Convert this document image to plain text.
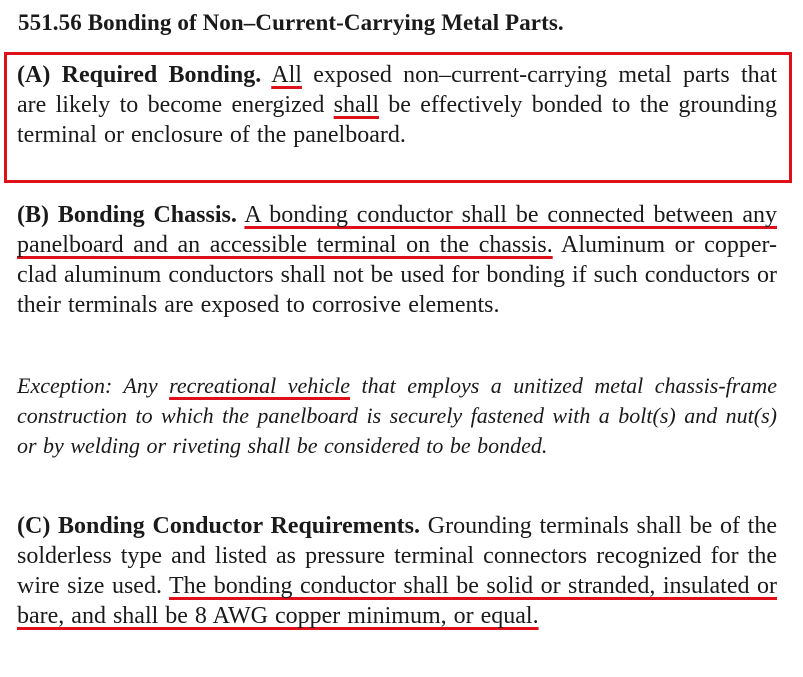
551.56 Bonding of Non–Current-Carrying Metal Parts.
(A) Required Bonding. All exposed non–current-carrying metal parts that are likely to become energized shall be effectively bonded to the grounding terminal or enclosure of the panelboard.
(B) Bonding Chassis. A bonding conductor shall be connected between any panelboard and an accessible terminal on the chassis. Aluminum or copper-clad aluminum conductors shall not be used for bonding if such conductors or their terminals are exposed to corrosive elements.
Exception: Any recreational vehicle that employs a unitized metal chassis-frame construction to which the panelboard is securely fastened with a bolt(s) and nut(s) or by welding or riveting shall be considered to be bonded.
(C) Bonding Conductor Requirements. Grounding terminals shall be of the solderless type and listed as pressure terminal connectors recognized for the wire size used. The bonding conductor shall be solid or stranded, insulated or bare, and shall be 8 AWG copper minimum, or equal.
